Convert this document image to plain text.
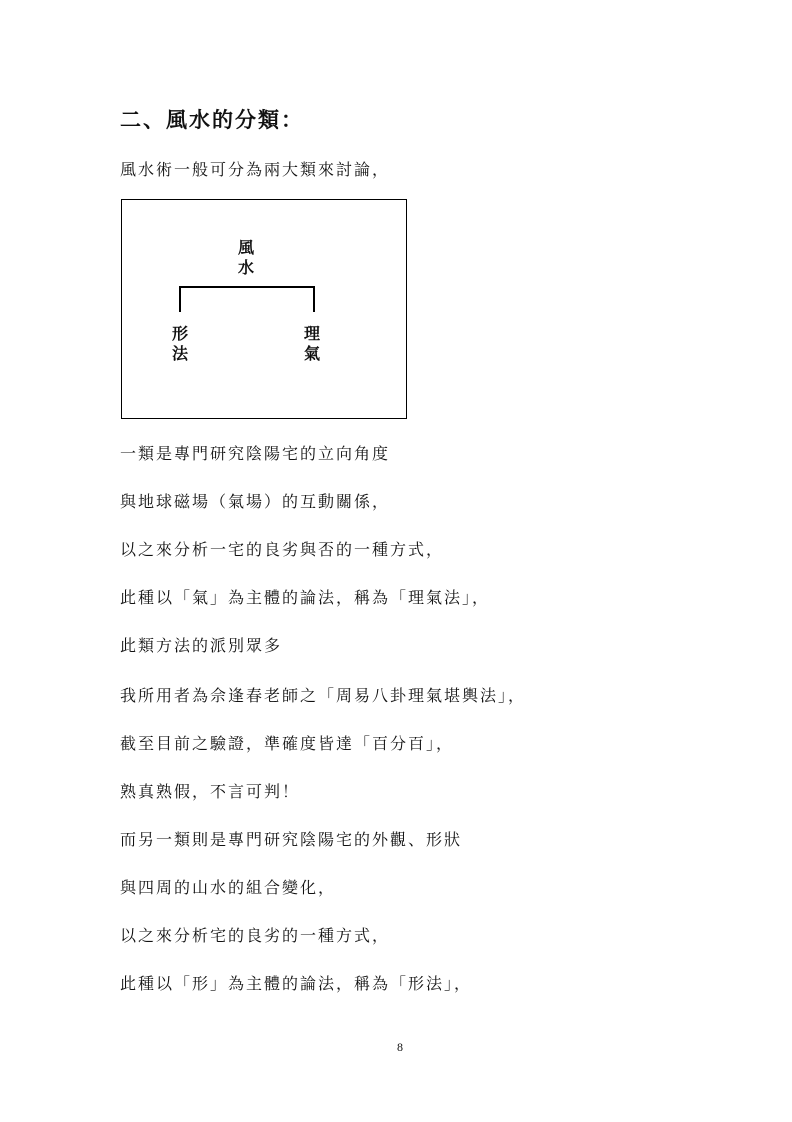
二、風水的分類：
風水術一般可分為兩大類來討論，
風水
形法
理氣
一類是專門研究陰陽宅的立向角度
與地球磁場（氣場）的互動關係，
以之來分析一宅的良劣與否的一種方式，
此種以「氣」為主體的論法，稱為「理氣法」，
此類方法的派別眾多
我所用者為佘逢春老師之「周易八卦理氣堪輿法」，
截至目前之驗證，準確度皆達「百分百」，
熟真熟假，不言可判！
而另一類則是專門研究陰陽宅的外觀、形狀
與四周的山水的組合變化，
以之來分析宅的良劣的一種方式，
此種以「形」為主體的論法，稱為「形法」，
8
